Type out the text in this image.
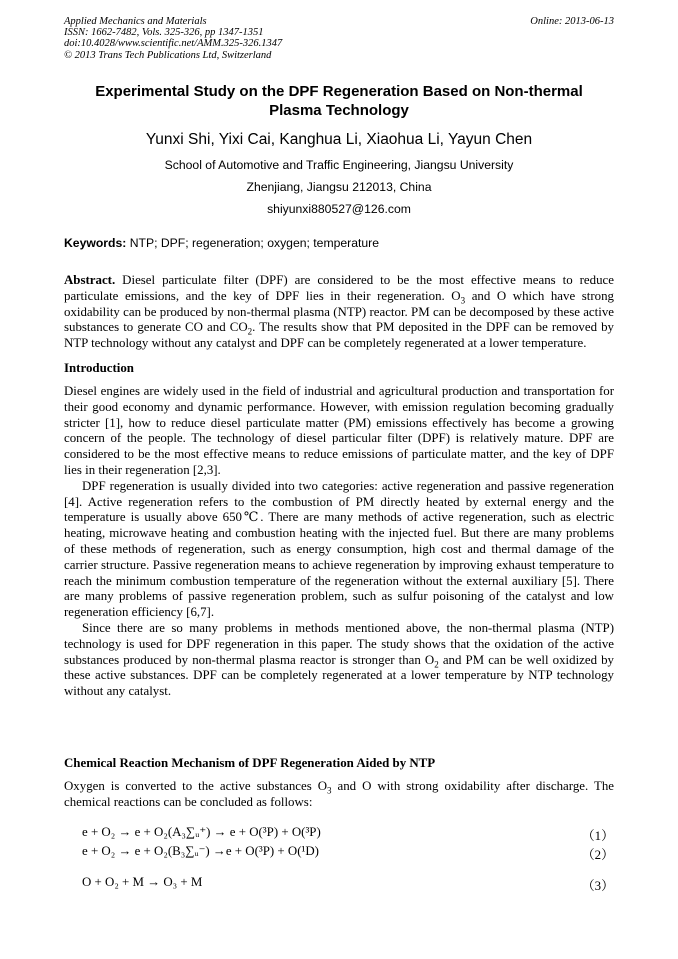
Applied Mechanics and Materials
ISSN: 1662-7482, Vols. 325-326, pp 1347-1351
doi:10.4028/www.scientific.net/AMM.325-326.1347
© 2013 Trans Tech Publications Ltd, Switzerland
Online: 2013-06-13
Experimental Study on the DPF Regeneration Based on Non-thermal
Plasma Technology
Yunxi Shi, Yixi Cai, Kanghua Li, Xiaohua Li, Yayun Chen
School of Automotive and Traffic Engineering, Jiangsu University
Zhenjiang, Jiangsu 212013, China
shiyunxi880527@126.com
Keywords: NTP; DPF; regeneration; oxygen; temperature

Abstract. Diesel particulate filter (DPF) are considered to be the most effective means to reduce particulate emissions, and the key of DPF lies in their regeneration. $O_3$ and O which have strong oxidability can be produced by non-thermal plasma (NTP) reactor. PM can be decomposed by these active substances to generate CO and $CO_2$. The results show that PM deposited in the DPF can be removed by NTP technology without any catalyst and DPF can be completely regenerated at a lower temperature.

Introduction

Diesel engines are widely used in the field of industrial and agricultural production and transportation for their good economy and dynamic performance. However, with emission regulation becoming gradually stricter [1], how to reduce diesel particulate matter (PM) emissions effectively has become a growing concern of the people. The technology of diesel particular filter (DPF) is relatively mature. DPF are considered to be the most effective means to reduce emissions of particulate matter, and the key of DPF lies in their regeneration [2,3].

DPF regeneration is usually divided into two categories: active regeneration and passive regeneration [4]. Active regeneration refers to the combustion of PM directly heated by external energy and the temperature is usually above 650℃. There are many methods of active regeneration, such as electric heating, microwave heating and combustion heating with the injected fuel. But there are many problems of these methods of regeneration, such as energy consumption, high cost and thermal damage of the carrier structure. Passive regeneration means to achieve regeneration by improving exhaust temperature to reach the minimum combustion temperature of the regeneration without the external auxiliary [5]. There are many problems of passive regeneration problem, such as sulfur poisoning of the catalyst and low regeneration efficiency [6,7].

Since there are so many problems in methods mentioned above, the non-thermal plasma (NTP) technology is used for DPF regeneration in this paper. The study shows that the oxidation of the active substances produced by non-thermal plasma reactor is stronger than $O_2$ and PM can be well oxidized by these active substances. DPF can be completely regenerated at a lower temperature by NTP technology without any catalyst.

Chemical Reaction Mechanism of DPF Regeneration Aided by NTP

Oxygen is converted to the active substances $O_3$ and O with strong oxidability after discharge. The chemical reactions can be concluded as follows:

e + O₂ → e + O₂(A₃∑ᵤ⁺) → e + O(³P) + O(³P)	（1）
e + O₂ → e + O₂(B₃∑ᵤ⁻) →e + O(³P) + O(¹D)	（2）
O + O₂ + M → O₃ + M	（3）
